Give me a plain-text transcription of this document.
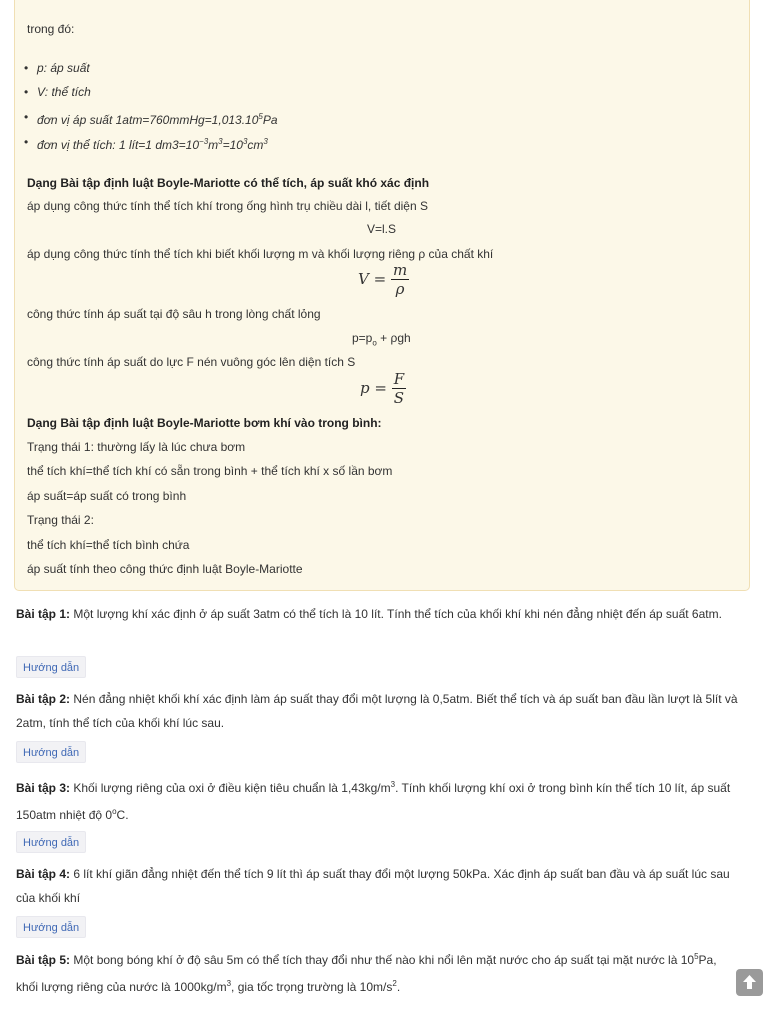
trong đó:
• p: áp suất
• V: thể tích
• đơn vị áp suất $1atm=760mmHg=1,013.10^5Pa$
• đơn vị thể tích: 1 lít=1 $dm3=10^{-3}m^3=10^3cm^3$
Dạng Bài tập định luật Boyle-Mariotte có thể tích, áp suất khó xác định
áp dụng công thức tính thể tích khí trong ống hình trụ chiều dài l, tiết diện S
V=l.S
áp dụng công thức tính thể tích khi biết khối lượng m và khối lượng riêng ρ của chất khí
$V = \frac{m}{\rho}$
công thức tính áp suất tại độ sâu h trong lòng chất lỏng
$p=p_o + \rho gh$
công thức tính áp suất do lực F nén vuông góc lên diện tích S
$p = \frac{F}{S}$
Dạng Bài tập định luật Boyle-Mariotte bơm khí vào trong bình:
Trạng thái 1: thường lấy là lúc chưa bơm
thể tích khí=thể tích khí có sẵn trong bình + thể tích khí x số lần bơm
áp suất=áp suất có trong bình
Trạng thái 2:
thể tích khí=thể tích bình chứa
áp suất tính theo công thức định luật Boyle-Mariotte
Bài tập 1: Một lượng khí xác định ở áp suất 3atm có thể tích là 10 lít. Tính thể tích của khối khí khi nén đẳng nhiệt đến áp suất 6atm.
Hướng dẫn
Bài tập 2: Nén đẳng nhiệt khối khí xác định làm áp suất thay đổi một lượng là 0,5atm. Biết thể tích và áp suất ban đầu lần lượt là 5lít và 2atm, tính thể tích của khối khí lúc sau.
Hướng dẫn
Bài tập 3: Khối lượng riêng của oxi ở điều kiện tiêu chuẩn là $1,43kg/m^3$. Tính khối lượng khí oxi ở trong bình kín thể tích 10 lít, áp suất 150atm nhiệt độ 0$^o$C.
Hướng dẫn
Bài tập 4: 6 lít khí giãn đẳng nhiệt đến thể tích 9 lít thì áp suất thay đổi một lượng 50kPa. Xác định áp suất ban đầu và áp suất lúc sau của khối khí
Hướng dẫn
Bài tập 5: Một bong bóng khí ở độ sâu 5m có thể tích thay đổi như thế nào khi nổi lên mặt nước cho áp suất tại mặt nước là $10^5Pa$, khối lượng riêng của nước là $1000kg/m^3$, gia tốc trọng trường là $10m/s^2$.
